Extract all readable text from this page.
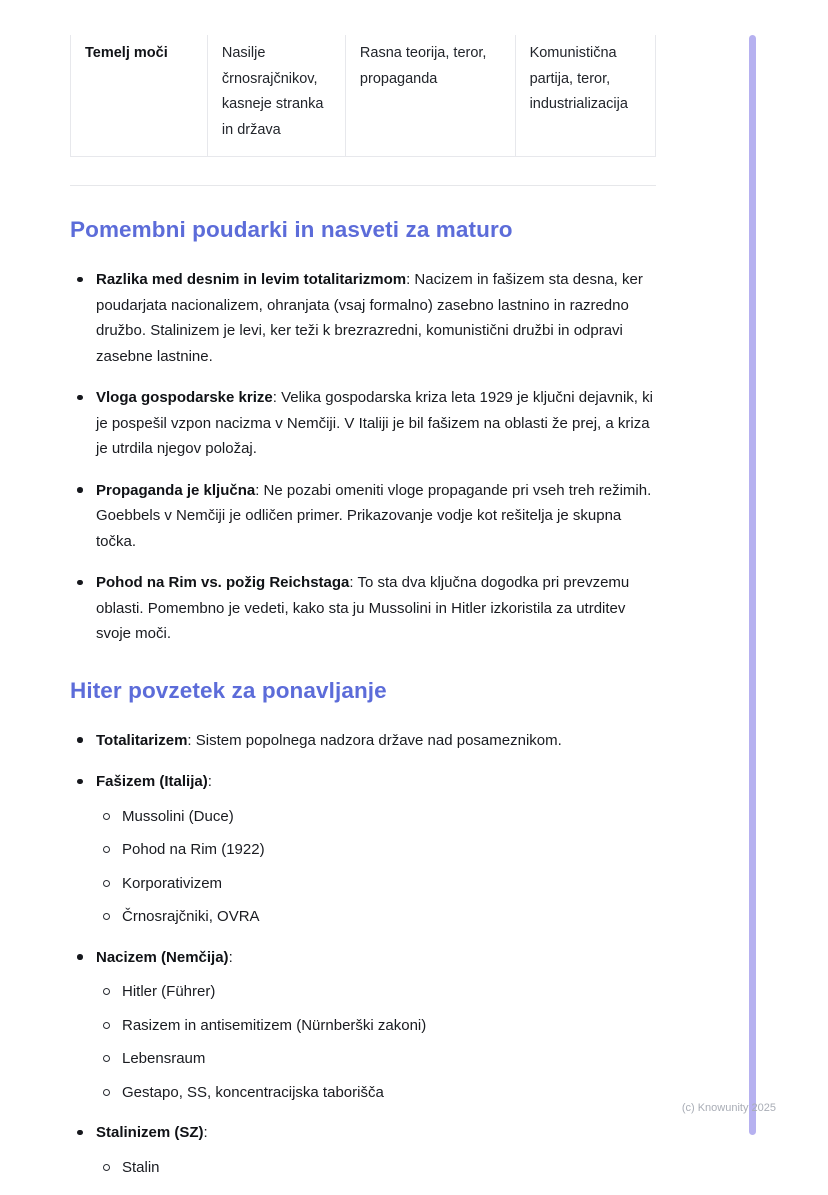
Temelj moči	Nasilje črnosrajčnikov, kasneje stranka in država	Rasna teorija, teror, propaganda	Komunistična partija, teror, industrializacija
Pomembni poudarki in nasveti za maturo
Razlika med desnim in levim totalitarizmom: Nacizem in fašizem sta desna, ker poudarjata nacionalizem, ohranjata (vsaj formalno) zasebno lastnino in razredno družbo. Stalinizem je levi, ker teži k brezrazredni, komunistični družbi in odpravi zasebne lastnine.
Vloga gospodarske krize: Velika gospodarska kriza leta 1929 je ključni dejavnik, ki je pospešil vzpon nacizma v Nemčiji. V Italiji je bil fašizem na oblasti že prej, a kriza je utrdila njegov položaj.
Propaganda je ključna: Ne pozabi omeniti vloge propagande pri vseh treh režimih. Goebbels v Nemčiji je odličen primer. Prikazovanje vodje kot rešitelja je skupna točka.
Pohod na Rim vs. požig Reichstaga: To sta dva ključna dogodka pri prevzemu oblasti. Pomembno je vedeti, kako sta ju Mussolini in Hitler izkoristila za utrditev svoje moči.
Hiter povzetek za ponavljanje
Totalitarizem: Sistem popolnega nadzora države nad posameznikom.
Fašizem (Italija):
Mussolini (Duce)
Pohod na Rim (1922)
Korporativizem
Črnosrajčniki, OVRA
Nacizem (Nemčija):
Hitler (Führer)
Rasizem in antisemitizem (Nürnberški zakoni)
Lebensraum
Gestapo, SS, koncentracijska taborišča
Stalinizem (SZ):
Stalin
(c) Knowunity 2025
